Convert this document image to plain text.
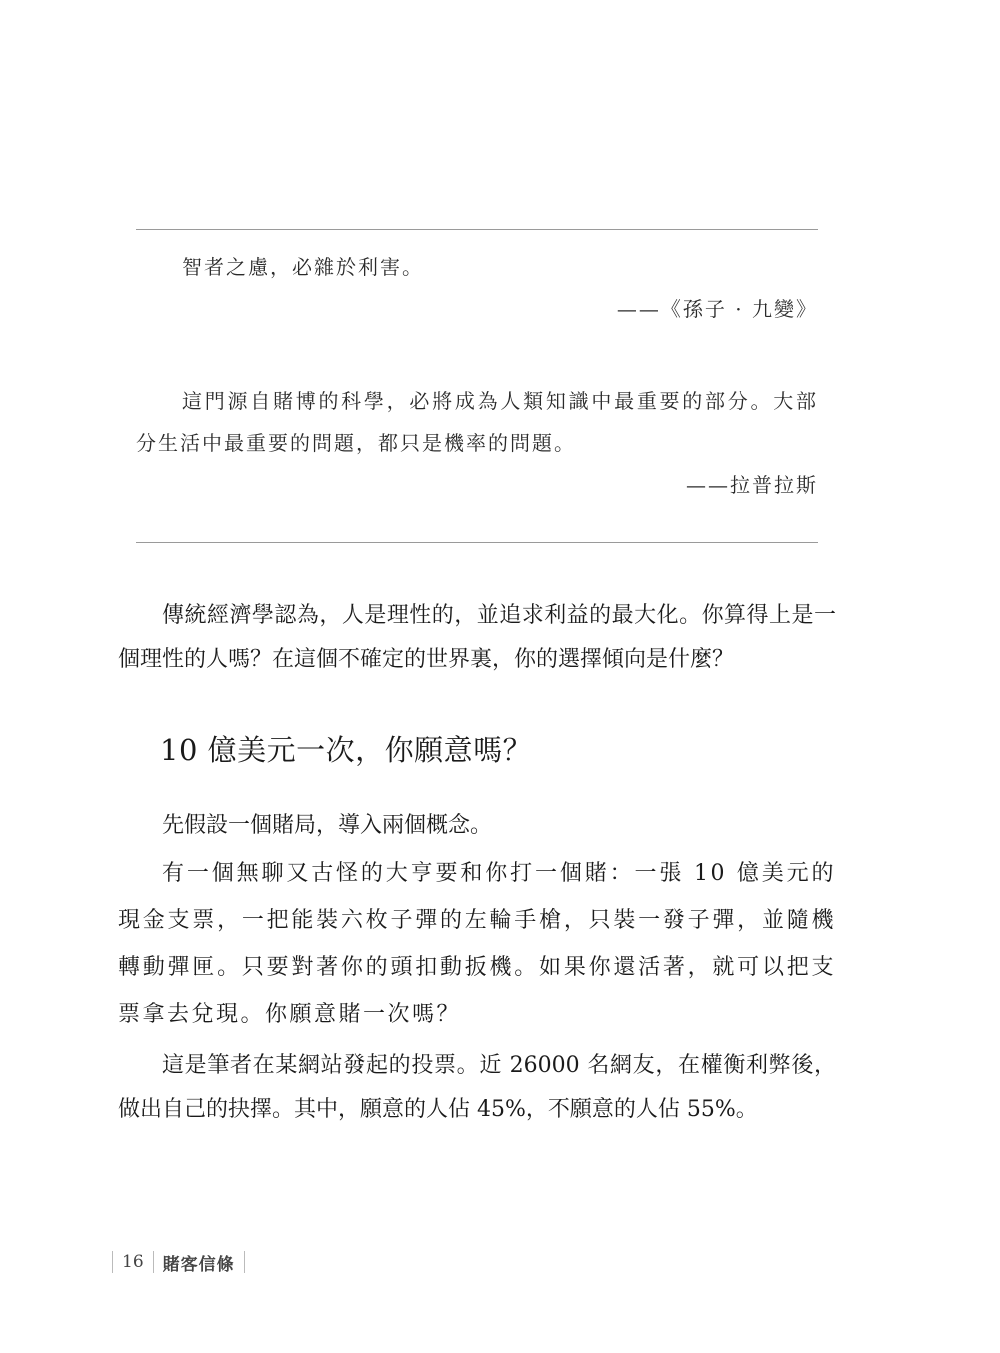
智者之慮，必雜於利害。

——《孫子 · 九變》

這門源自賭博的科學，必將成為人類知識中最重要的部分。大部分生活中最重要的問題，都只是機率的問題。

——拉普拉斯

傳統經濟學認為，人是理性的，並追求利益的最大化。你算得上是一個理性的人嗎？在這個不確定的世界裏，你的選擇傾向是什麼？

10 億美元一次，你願意嗎？

先假設一個賭局，導入兩個概念。

有一個無聊又古怪的大亨要和你打一個賭：一張 10 億美元的現金支票，一把能裝六枚子彈的左輪手槍，只裝一發子彈，並隨機轉動彈匣。只要對著你的頭扣動扳機。如果你還活著，就可以把支票拿去兌現。你願意賭一次嗎？

這是筆者在某網站發起的投票。近 26000 名網友，在權衡利弊後，做出自己的抉擇。其中，願意的人佔 45%，不願意的人佔 55%。

16	賭客信條
